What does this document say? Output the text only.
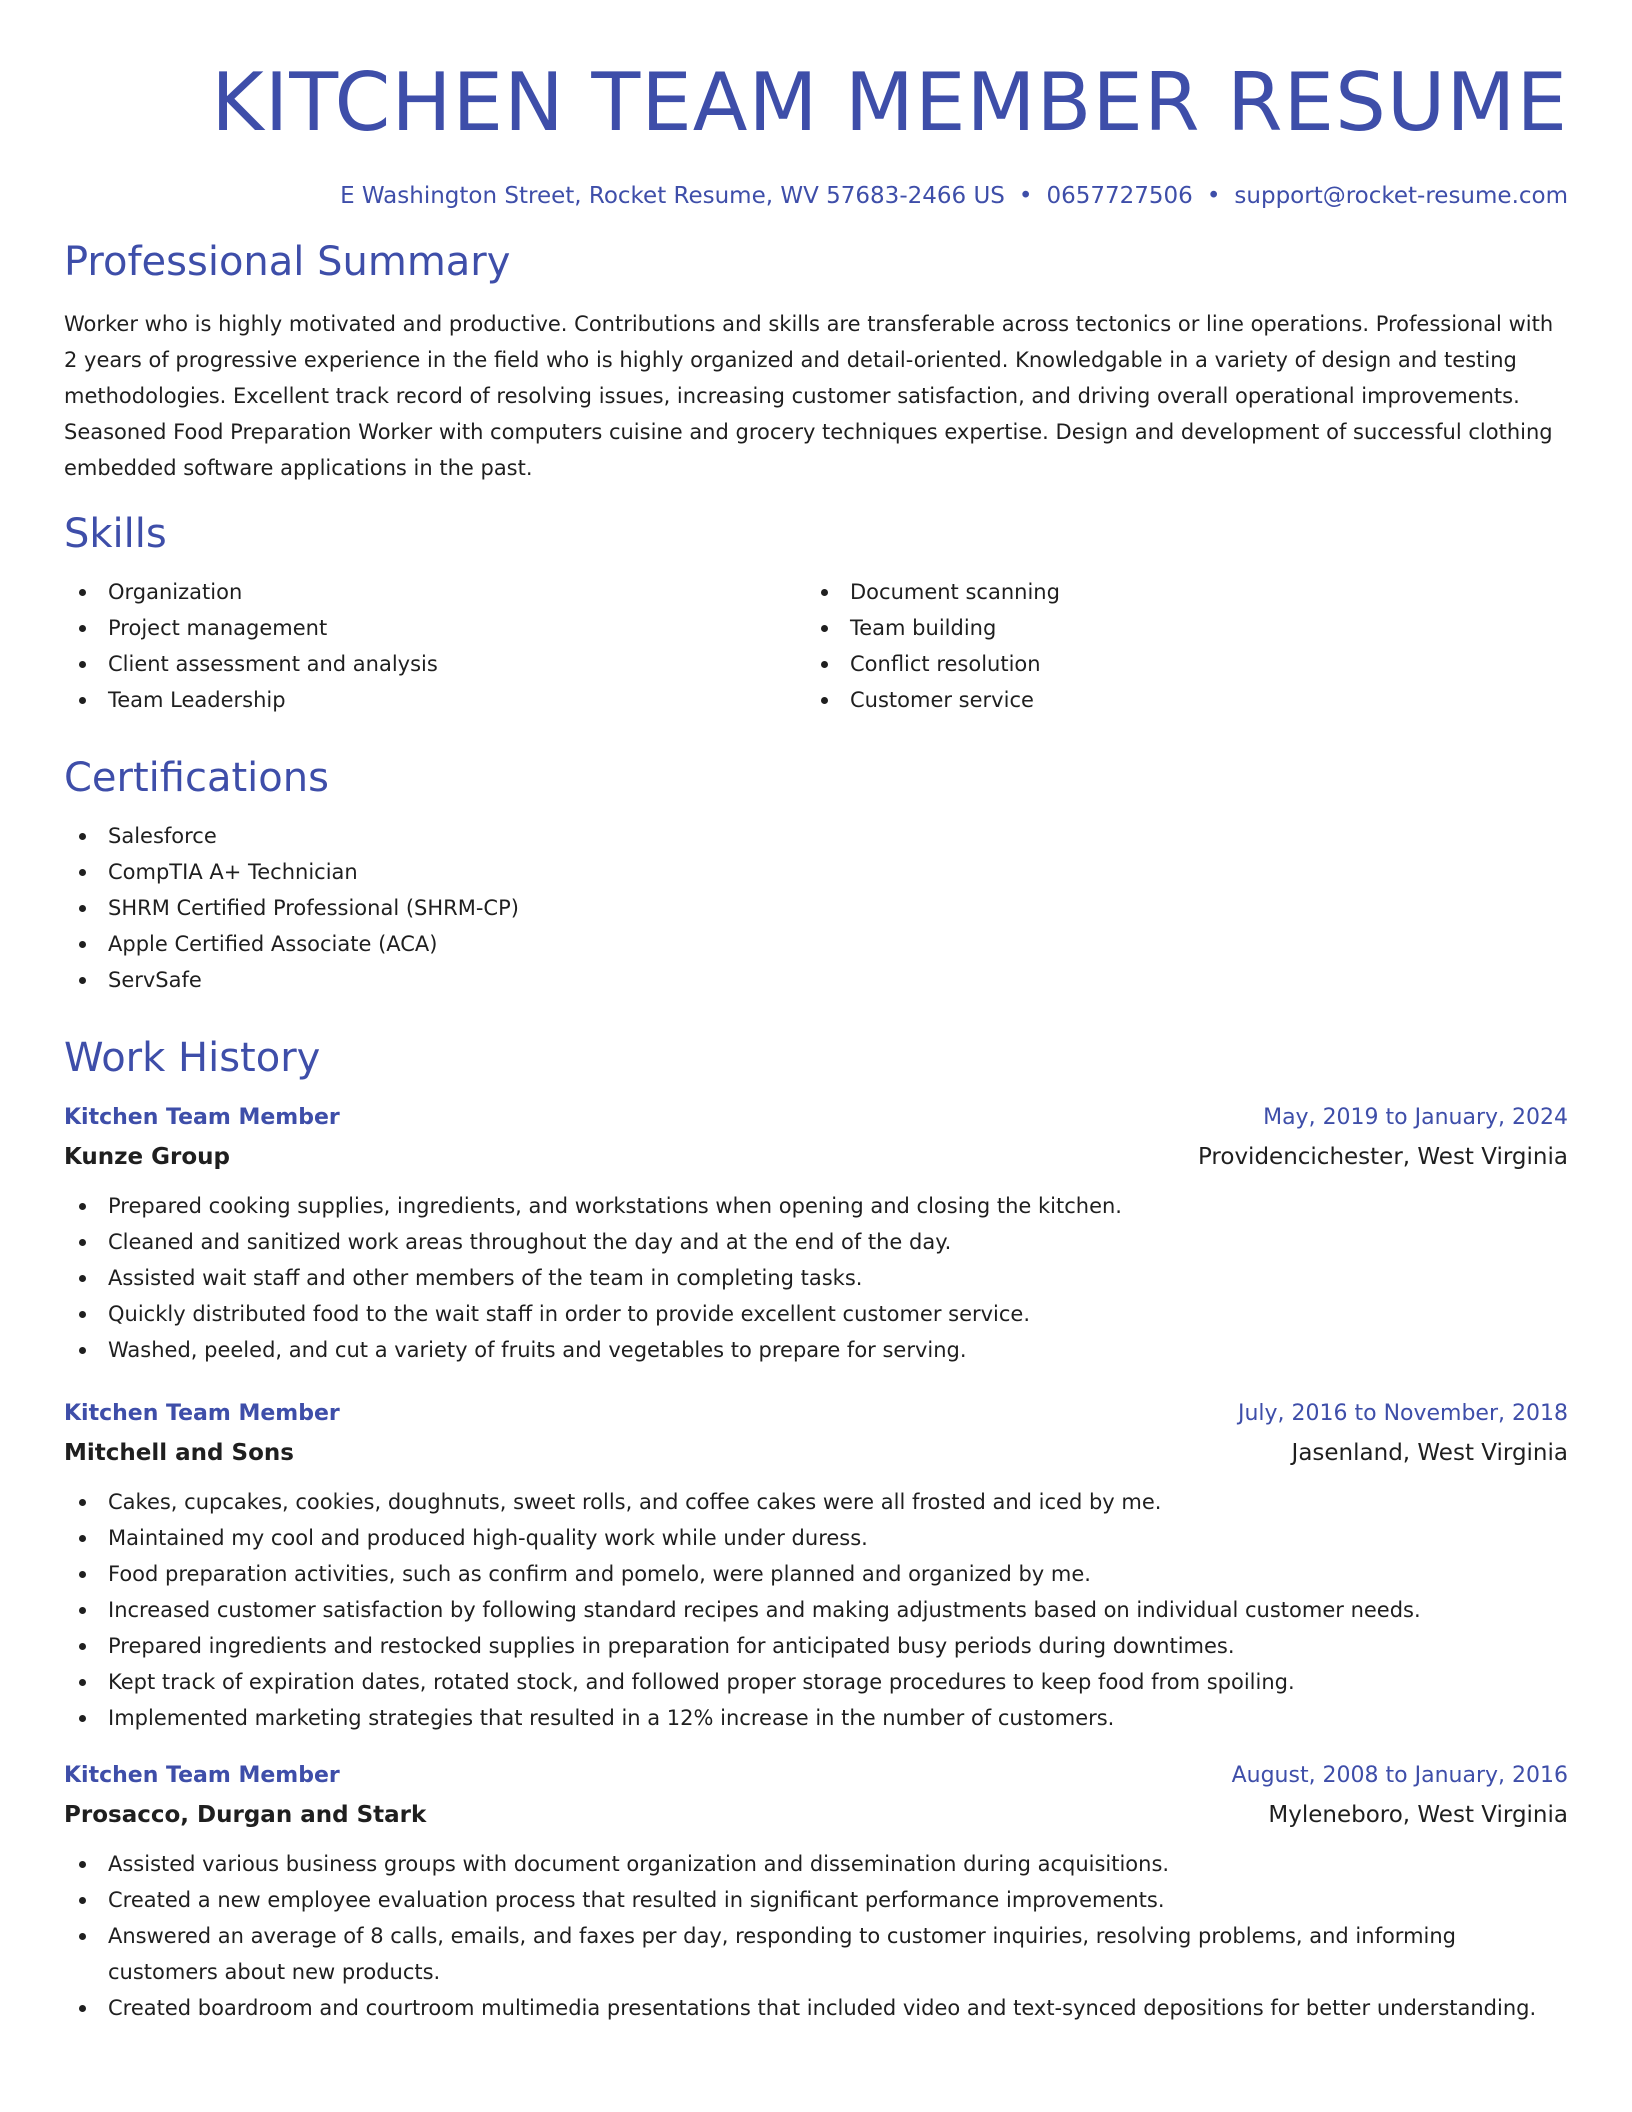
KITCHEN TEAM MEMBER RESUME
E Washington Street, Rocket Resume, WV 57683-2466 US • 0657727506 • support@rocket-resume.com
Professional Summary

Worker who is highly motivated and productive. Contributions and skills are transferable across tectonics or line operations. Professional with 2 years of progressive experience in the field who is highly organized and detail-oriented. Knowledgable in a variety of design and testing methodologies. Excellent track record of resolving issues, increasing customer satisfaction, and driving overall operational improvements. Seasoned Food Preparation Worker with computers cuisine and grocery techniques expertise. Design and development of successful clothing embedded software applications in the past.

Skills
Organization
Project management
Client assessment and analysis
Team Leadership
Document scanning
Team building
Conflict resolution
Customer service
Certifications
Salesforce
CompTIA A+ Technician
SHRM Certified Professional (SHRM-CP)
Apple Certified Associate (ACA)
ServSafe
Work History
Kitchen Team Member	May, 2019 to January, 2024
Kunze Group	Providencichester, West Virginia
Prepared cooking supplies, ingredients, and workstations when opening and closing the kitchen.
Cleaned and sanitized work areas throughout the day and at the end of the day.
Assisted wait staff and other members of the team in completing tasks.
Quickly distributed food to the wait staff in order to provide excellent customer service.
Washed, peeled, and cut a variety of fruits and vegetables to prepare for serving.
Kitchen Team Member	July, 2016 to November, 2018
Mitchell and Sons	Jasenland, West Virginia
Cakes, cupcakes, cookies, doughnuts, sweet rolls, and coffee cakes were all frosted and iced by me.
Maintained my cool and produced high-quality work while under duress.
Food preparation activities, such as confirm and pomelo, were planned and organized by me.
Increased customer satisfaction by following standard recipes and making adjustments based on individual customer needs.
Prepared ingredients and restocked supplies in preparation for anticipated busy periods during downtimes.
Kept track of expiration dates, rotated stock, and followed proper storage procedures to keep food from spoiling.
Implemented marketing strategies that resulted in a 12% increase in the number of customers.
Kitchen Team Member	August, 2008 to January, 2016
Prosacco, Durgan and Stark	Myleneboro, West Virginia
Assisted various business groups with document organization and dissemination during acquisitions.
Created a new employee evaluation process that resulted in significant performance improvements.
Answered an average of 8 calls, emails, and faxes per day, responding to customer inquiries, resolving problems, and informing customers about new products.
Created boardroom and courtroom multimedia presentations that included video and text-synced depositions for better understanding.
